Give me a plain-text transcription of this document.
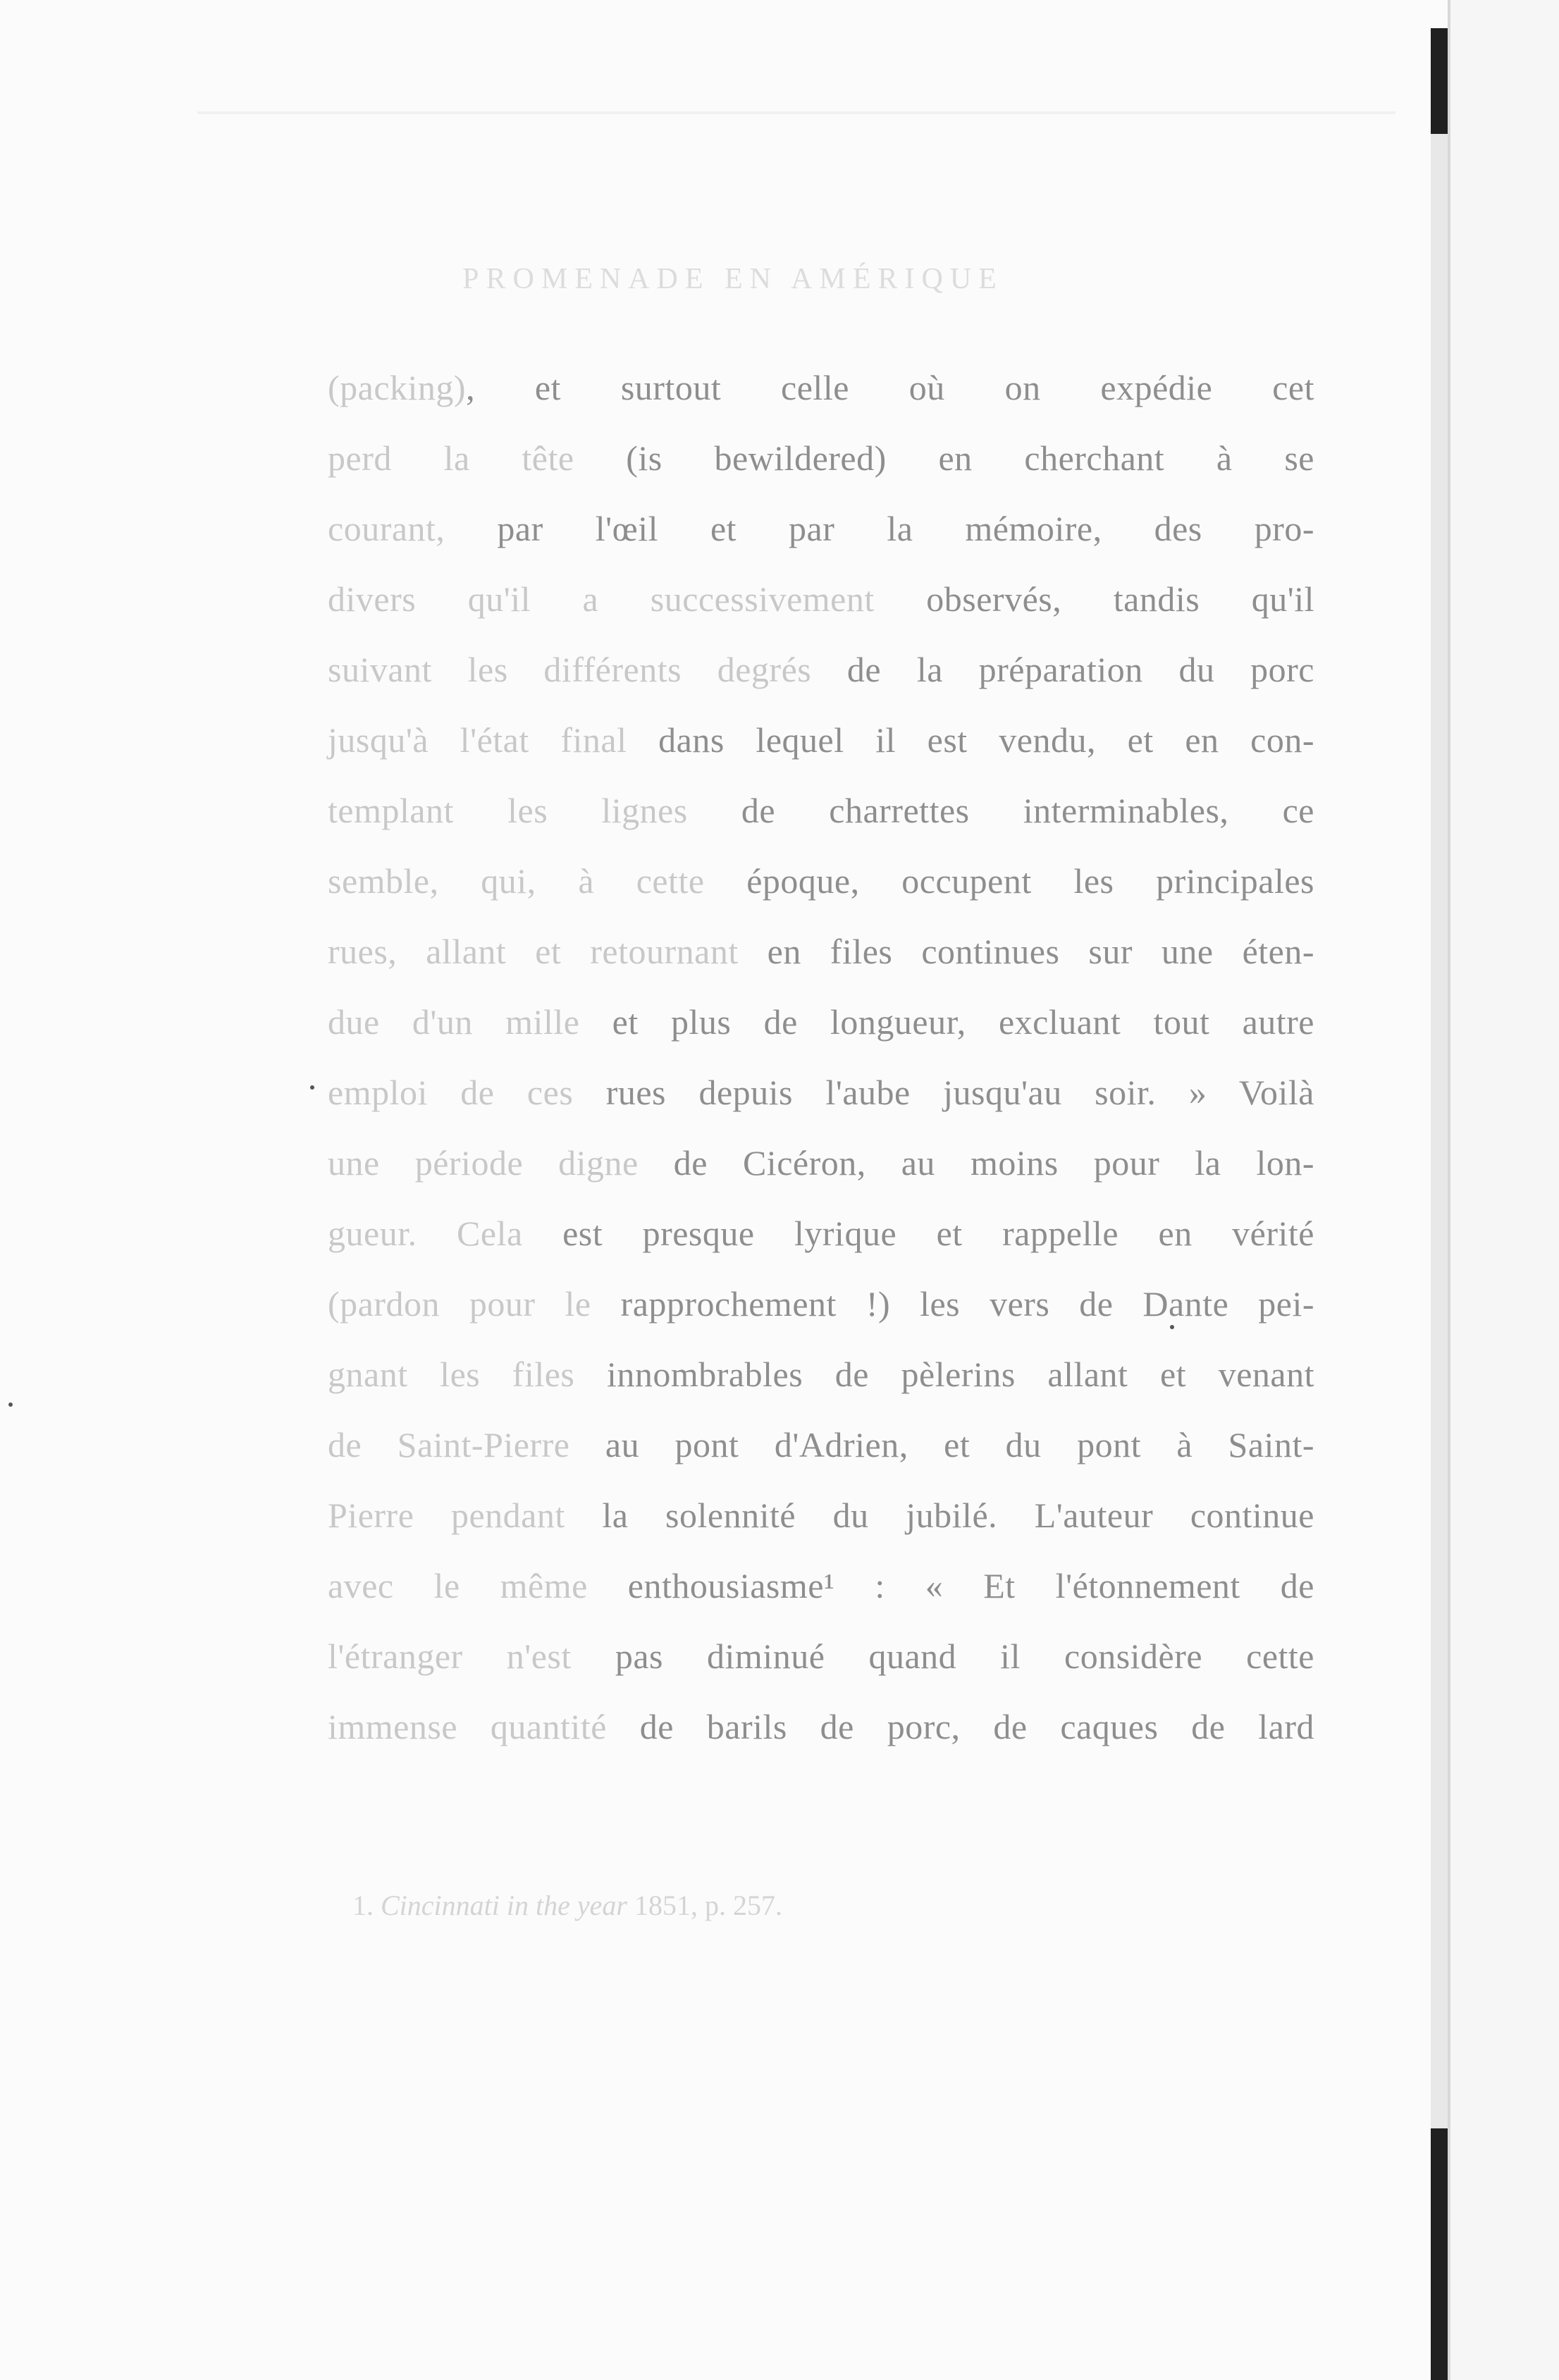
PROMENADE EN AMÉRIQUE
(packing), et surtout celle où on expédie cet
perd la tête (is bewildered) en cherchant à se
courant, par l'œil et par la mémoire, des pro-
divers qu'il a successivement observés, tandis qu'il
suivant les différents degrés de la préparation du porc
jusqu'à l'état final dans lequel il est vendu, et en con-
templant les lignes de charrettes interminables, ce
semble, qui, à cette époque, occupent les principales
rues, allant et retournant en files continues sur une éten-
due d'un mille et plus de longueur, excluant tout autre
emploi de ces rues depuis l'aube jusqu'au soir. » Voilà
une période digne de Cicéron, au moins pour la lon-
gueur. Cela est presque lyrique et rappelle en vérité
(pardon pour le rapprochement !) les vers de Dante pei-
gnant les files innombrables de pèlerins allant et venant
de Saint-Pierre au pont d'Adrien, et du pont à Saint-
Pierre pendant la solennité du jubilé. L'auteur continue
avec le même enthousiasme¹ : « Et l'étonnement de
l'étranger n'est pas diminué quand il considère cette
immense quantité de barils de porc, de caques de lard
1. Cincinnati in the year 1851, p. 257.
